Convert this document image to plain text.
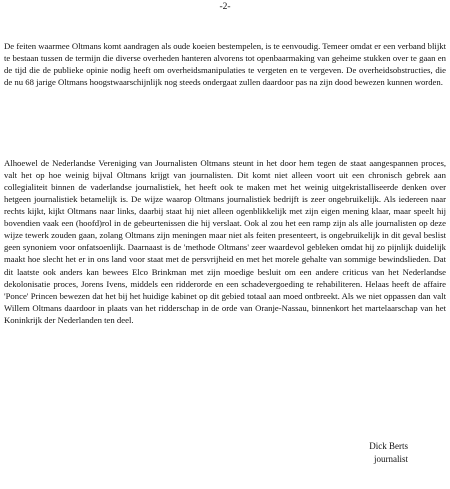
-2-

De feiten waarmee Oltmans komt aandragen als oude koeien bestempelen, is te eenvoudig. Temeer omdat er een verband blijkt te bestaan tussen de termijn die diverse overheden hanteren alvorens tot openbaarmaking van geheime stukken over te gaan en de tijd die de publieke opinie nodig heeft om overheidsmanipulaties te vergeten en te vergeven. De overheidsobstructies, die de nu 68 jarige Oltmans hoogstwaarschijnlijk nog steeds ondergaat zullen daardoor pas na zijn dood bewezen kunnen worden.

Alhoewel de Nederlandse Vereniging van Journalisten Oltmans steunt in het door hem tegen de staat aangespannen proces, valt het op hoe weinig bijval Oltmans krijgt van journalisten. Dit komt niet alleen voort uit een chronisch gebrek aan collegialiteit binnen de vaderlandse journalistiek, het heeft ook te maken met het weinig uitgekristalliseerde denken over hetgeen journalistiek betamelijk is. De wijze waarop Oltmans journalistiek bedrijft is zeer ongebruikelijk. Als iedereen naar rechts kijkt, kijkt Oltmans naar links, daarbij staat hij niet alleen ogenblikkelijk met zijn eigen mening klaar, maar speelt hij bovendien vaak een (hoofd)rol in de gebeurtenissen die hij verslaat. Ook al zou het een ramp zijn als alle journalisten op deze wijze tewerk zouden gaan, zolang Oltmans zijn meningen maar niet als feiten presenteert, is ongebruikelijk in dit geval beslist geen synoniem voor onfatsoenlijk. Daarnaast is de 'methode Oltmans' zeer waardevol gebleken omdat hij zo pijnlijk duidelijk maakt hoe slecht het er in ons land voor staat met de persvrijheid en met het morele gehalte van sommige bewindslieden. Dat dit laatste ook anders kan bewees Elco Brinkman met zijn moedige besluit om een andere criticus van het Nederlandse dekolonisatie proces, Jorens Ivens, middels een ridderorde en een schadevergoeding te rehabiliteren. Helaas heeft de affaire 'Ponce' Princen bewezen dat het bij het huidige kabinet op dit gebied totaal aan moed ontbreekt. Als we niet oppassen dan valt Willem Oltmans daardoor in plaats van het ridderschap in de orde van Oranje-Nassau, binnenkort het martelaarschap van het Koninkrijk der Nederlanden ten deel.

Dick Berts
journalist
